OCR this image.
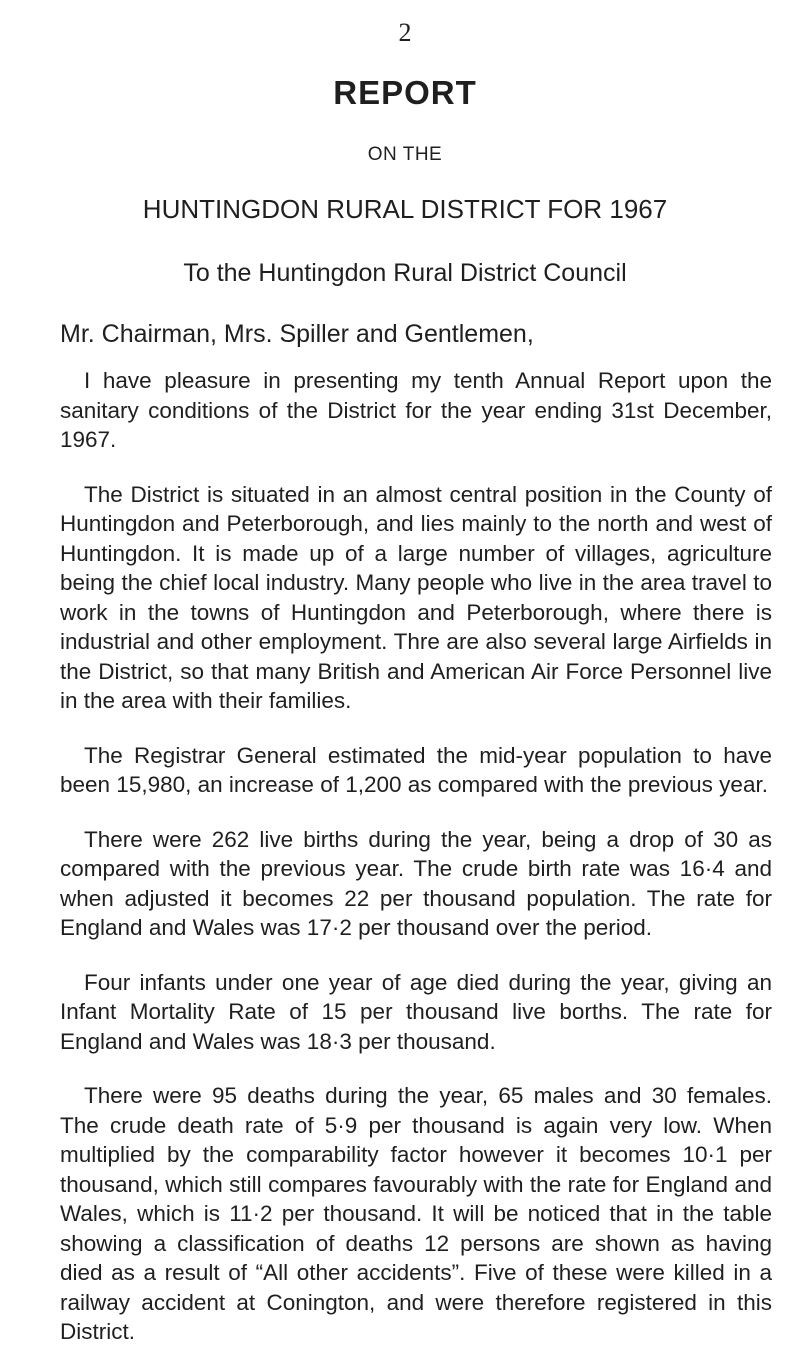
2
REPORT
ON THE
HUNTINGDON RURAL DISTRICT FOR 1967
To the Huntingdon Rural District Council
Mr. Chairman, Mrs. Spiller and Gentlemen,

I have pleasure in presenting my tenth Annual Report upon the sanitary conditions of the District for the year ending 31st December, 1967.

The District is situated in an almost central position in the County of Huntingdon and Peterborough, and lies mainly to the north and west of Huntingdon. It is made up of a large number of villages, agriculture being the chief local industry. Many people who live in the area travel to work in the towns of Huntingdon and Peterborough, where there is industrial and other employment. Thre are also several large Airfields in the District, so that many British and American Air Force Personnel live in the area with their families.

The Registrar General estimated the mid-year population to have been 15,980, an increase of 1,200 as compared with the previous year.

There were 262 live births during the year, being a drop of 30 as compared with the previous year. The crude birth rate was 16·4 and when adjusted it becomes 22 per thousand population. The rate for England and Wales was 17·2 per thousand over the period.

Four infants under one year of age died during the year, giving an Infant Mortality Rate of 15 per thousand live borths. The rate for England and Wales was 18·3 per thousand.

There were 95 deaths during the year, 65 males and 30 females. The crude death rate of 5·9 per thousand is again very low. When multiplied by the comparability factor however it becomes 10·1 per thousand, which still compares favourably with the rate for England and Wales, which is 11·2 per thousand. It will be noticed that in the table showing a classification of deaths 12 persons are shown as having died as a result of “All other accidents”. Five of these were killed in a railway accident at Conington, and were therefore registered in this District.
